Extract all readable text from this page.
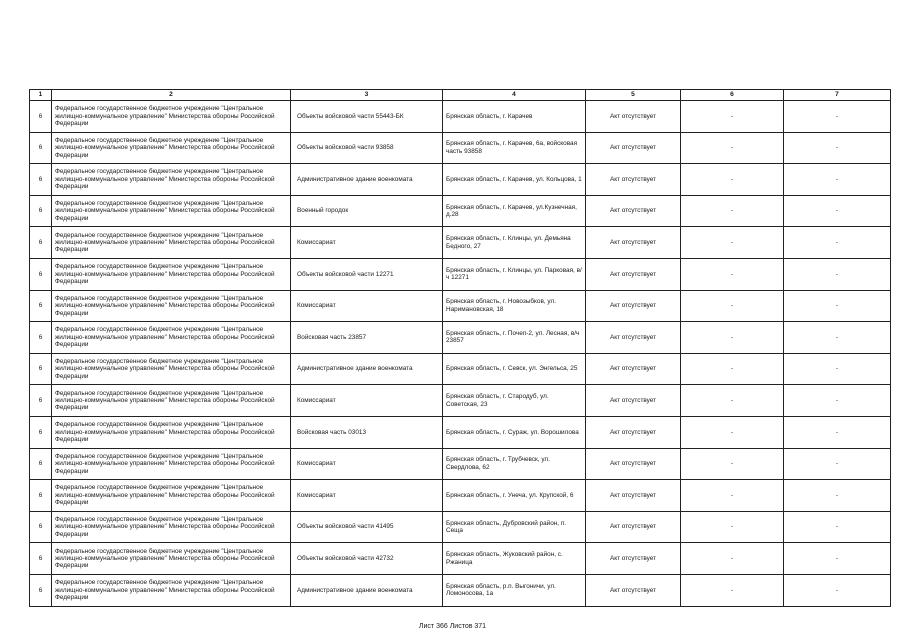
1	2	3	4	5	6	7
6	Федеральное государственное бюджетное учреждение "Центральное жилищно-коммунальное управление" Министерства обороны Российской Федерации	Объекты войсковой части 55443-БК	Брянская область, г. Карачев	Акт отсутствует	-	-
6	Федеральное государственное бюджетное учреждение "Центральное жилищно-коммунальное управление" Министерства обороны Российской Федерации	Объекты войсковой части 93858	Брянская область, г. Карачев, 6а, войсковая часть 93858	Акт отсутствует	-	-
6	Федеральное государственное бюджетное учреждение "Центральное жилищно-коммунальное управление" Министерства обороны Российской Федерации	Административное здание военкомата	Брянская область, г. Карачев, ул. Кольцова, 1	Акт отсутствует	-	-
6	Федеральное государственное бюджетное учреждение "Центральное жилищно-коммунальное управление" Министерства обороны Российской Федерации	Военный городок	Брянская область, г. Карачев, ул.Кузнечная, д.28	Акт отсутствует	-	-
6	Федеральное государственное бюджетное учреждение "Центральное жилищно-коммунальное управление" Министерства обороны Российской Федерации	Комиссариат	Брянская область, г. Клинцы, ул. Демьяна Бедного, 27	Акт отсутствует	-	-
6	Федеральное государственное бюджетное учреждение "Центральное жилищно-коммунальное управление" Министерства обороны Российской Федерации	Объекты войсковой части 12271	Брянская область, г. Клинцы, ул. Парковая, в/ч 12271	Акт отсутствует	-	-
6	Федеральное государственное бюджетное учреждение "Центральное жилищно-коммунальное управление" Министерства обороны Российской Федерации	Комиссариат	Брянская область, г. Новозыбков, ул. Наримановская, 18	Акт отсутствует	-	-
6	Федеральное государственное бюджетное учреждение "Центральное жилищно-коммунальное управление" Министерства обороны Российской Федерации	Войсковая часть 23857	Брянская область, г. Почеп-2, ул. Лесная, в/ч 23857	Акт отсутствует	-	-
6	Федеральное государственное бюджетное учреждение "Центральное жилищно-коммунальное управление" Министерства обороны Российской Федерации	Административное здание военкомата	Брянская область, г. Севск, ул. Энгельса, 25	Акт отсутствует	-	-
6	Федеральное государственное бюджетное учреждение "Центральное жилищно-коммунальное управление" Министерства обороны Российской Федерации	Комиссариат	Брянская область, г. Стародуб, ул. Советская, 23	Акт отсутствует	-	-
6	Федеральное государственное бюджетное учреждение "Центральное жилищно-коммунальное управление" Министерства обороны Российской Федерации	Войсковая часть 03013	Брянская область, г. Сураж, ул. Ворошилова	Акт отсутствует	-	-
6	Федеральное государственное бюджетное учреждение "Центральное жилищно-коммунальное управление" Министерства обороны Российской Федерации	Комиссариат	Брянская область, г. Трубчевск, ул. Свердлова, 62	Акт отсутствует	-	-
6	Федеральное государственное бюджетное учреждение "Центральное жилищно-коммунальное управление" Министерства обороны Российской Федерации	Комиссариат	Брянская область, г. Унеча, ул. Крупской, 6	Акт отсутствует	-	-
6	Федеральное государственное бюджетное учреждение "Центральное жилищно-коммунальное управление" Министерства обороны Российской Федерации	Объекты войсковой части 41495	Брянская область, Дубровский район, п. Сеща	Акт отсутствует	-	-
6	Федеральное государственное бюджетное учреждение "Центральное жилищно-коммунальное управление" Министерства обороны Российской Федерации	Объекты войсковой части 42732	Брянская область, Жуковский район, с. Ржаница	Акт отсутствует	-	-
6	Федеральное государственное бюджетное учреждение "Центральное жилищно-коммунальное управление" Министерства обороны Российской Федерации	Административное здание военкомата	Брянская область, р.п. Выгоничи, ул. Ломоносова, 1а	Акт отсутствует	-	-
Лист 366 Листов 371
